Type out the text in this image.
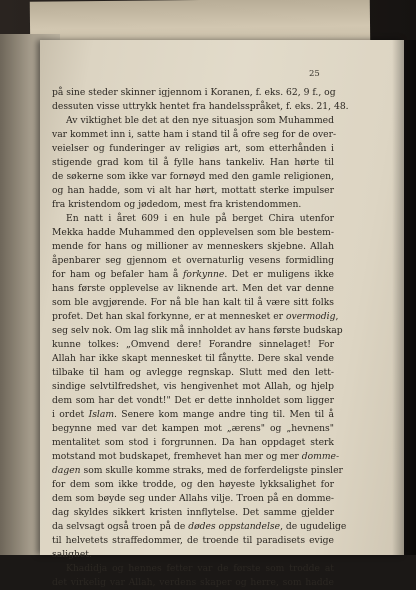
25
på sine steder skinner igjennom i Koranen, f. eks. 62, 9 f., og
dessuten visse uttrykk hentet fra handelsspråket, f. eks. 21, 48.
Av viktighet ble det at den nye situasjon som Muhammed
var kommet inn i, satte ham i stand til å ofre seg for de over-
veielser og funderinger av religiøs art, som etterhånden i
stigende grad kom til å fylle hans tankeliv. Han hørte til
de søkerne som ikke var fornøyd med den gamle religionen,
og han hadde, som vi alt har hørt, mottatt sterke impulser
fra kristendom og jødedom, mest fra kristendommen.
En natt i året 609 i en hule på berget Chira utenfor
Mekka hadde Muhammed den opplevelsen som ble bestem-
mende for hans og millioner av menneskers skjebne. Allah
åpenbarer seg gjennom et overnaturlig vesens formidling
for ham og befaler ham å forkynne. Det er muligens ikke
hans første opplevelse av liknende art. Men det var denne
som ble avgjørende. For nå ble han kalt til å være sitt folks
profet. Det han skal forkynne, er at mennesket er overmodig,
seg selv nok. Om lag slik må innholdet av hans første budskap
kunne tolkes: „Omvend dere! Forandre sinnelaget! For
Allah har ikke skapt mennesket til fånytte. Dere skal vende
tilbake til ham og avlegge regnskap. Slutt med den lett-
sindige selvtilfredshet, vis hengivenhet mot Allah, og hjelp
dem som har det vondt!" Det er dette innholdet som ligger
i ordet Islam. Senere kom mange andre ting til. Men til å
begynne med var det kampen mot „ærens" og „hevnens"
mentalitet som stod i forgrunnen. Da han oppdaget sterk
motstand mot budskapet, fremhevet han mer og mer domme-
dagen som skulle komme straks, med de forferdeligste pinsler
for dem som ikke trodde, og den høyeste lykksalighet for
dem som bøyde seg under Allahs vilje. Troen på en domme-
dag skyldes sikkert kristen innflytelse. Det samme gjelder
da selvsagt også troen på de dødes oppstandelse, de ugudelige
til helvetets straffedommer, de troende til paradisets evige
salighet.
Khadidja og hennes fetter var de første som trodde at
det virkelig var Allah, verdens skaper og herre, som hadde
